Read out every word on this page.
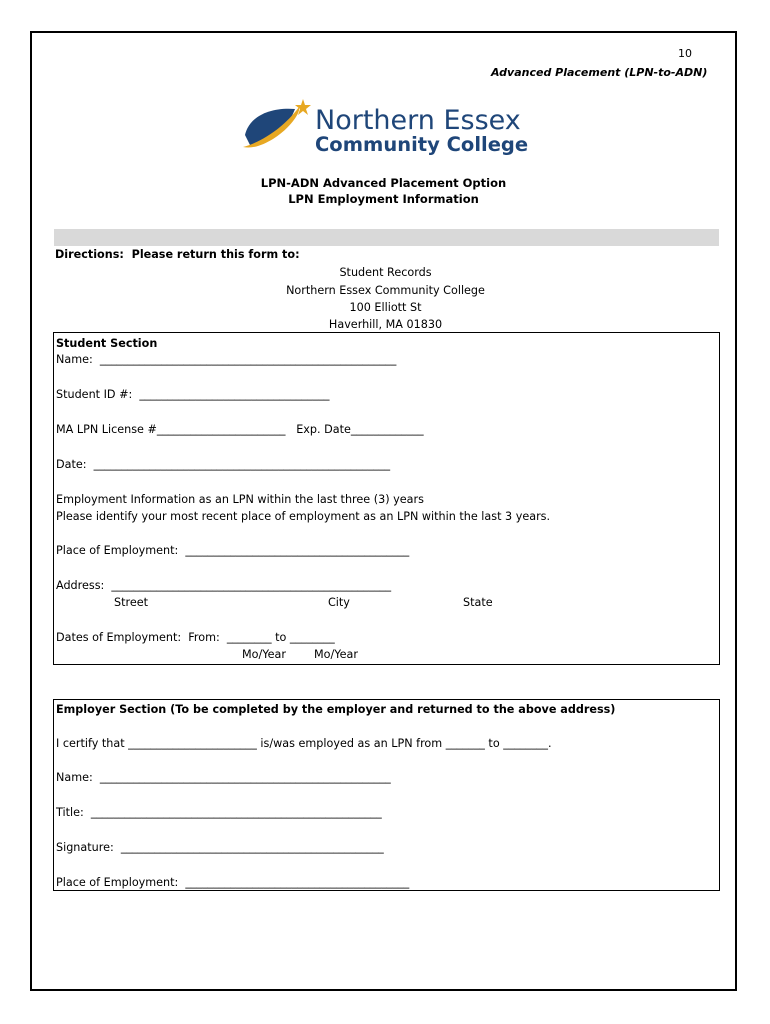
10
Advanced Placement (LPN-to-ADN)
Northern Essex
Community College
LPN-ADN Advanced Placement Option
LPN Employment Information
Directions:  Please return this form to:
Student Records
Northern Essex Community College
100 Elliott St
Haverhill, MA 01830
Student Section
Name:  _____________________________________________________
Student ID #:  __________________________________
MA LPN License #_______________________   Exp. Date_____________
Date:  _____________________________________________________
Employment Information as an LPN within the last three (3) years
Please identify your most recent place of employment as an LPN within the last 3 years.
Place of Employment:  ________________________________________
Address:  __________________________________________________
Street	City	State
Dates of Employment:  From:  ________ to ________
Mo/Year	Mo/Year
Employer Section (To be completed by the employer and returned to the above address)
I certify that _______________________ is/was employed as an LPN from _______ to ________.
Name:  ____________________________________________________
Title:  ____________________________________________________
Signature:  _______________________________________________
Place of Employment:  ________________________________________
